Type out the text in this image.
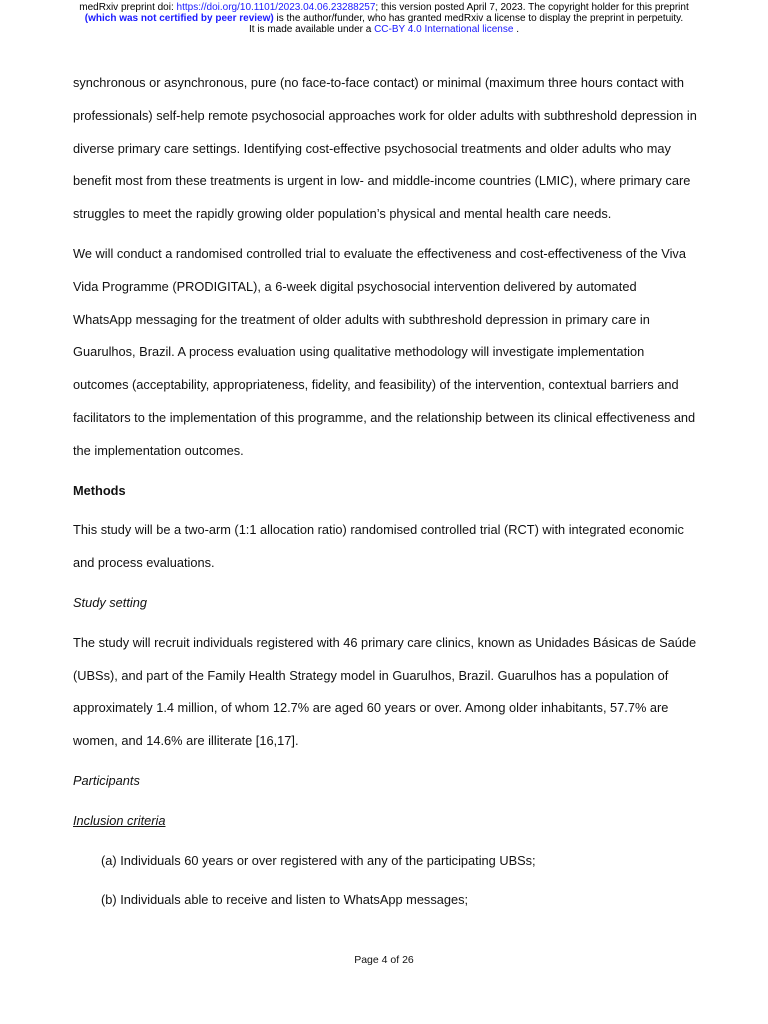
medRxiv preprint doi: https://doi.org/10.1101/2023.04.06.23288257; this version posted April 7, 2023. The copyright holder for this preprint
(which was not certified by peer review) is the author/funder, who has granted medRxiv a license to display the preprint in perpetuity.
It is made available under a CC-BY 4.0 International license .

synchronous or asynchronous, pure (no face-to-face contact) or minimal (maximum three hours contact with professionals) self-help remote psychosocial approaches work for older adults with subthreshold depression in diverse primary care settings. Identifying cost-effective psychosocial treatments and older adults who may benefit most from these treatments is urgent in low- and middle-income countries (LMIC), where primary care struggles to meet the rapidly growing older population’s physical and mental health care needs.

We will conduct a randomised controlled trial to evaluate the effectiveness and cost-effectiveness of the Viva Vida Programme (PRODIGITAL), a 6-week digital psychosocial intervention delivered by automated WhatsApp messaging for the treatment of older adults with subthreshold depression in primary care in Guarulhos, Brazil. A process evaluation using qualitative methodology will investigate implementation outcomes (acceptability, appropriateness, fidelity, and feasibility) of the intervention, contextual barriers and facilitators to the implementation of this programme, and the relationship between its clinical effectiveness and the implementation outcomes.

Methods

This study will be a two-arm (1:1 allocation ratio) randomised controlled trial (RCT) with integrated economic and process evaluations.

Study setting

The study will recruit individuals registered with 46 primary care clinics, known as Unidades Básicas de Saúde (UBSs), and part of the Family Health Strategy model in Guarulhos, Brazil. Guarulhos has a population of approximately 1.4 million, of whom 12.7% are aged 60 years or over. Among older inhabitants, 57.7% are women, and 14.6% are illiterate [16,17].

Participants

Inclusion criteria

(a) Individuals 60 years or over registered with any of the participating UBSs;

(b) Individuals able to receive and listen to WhatsApp messages;

Page 4 of 26
